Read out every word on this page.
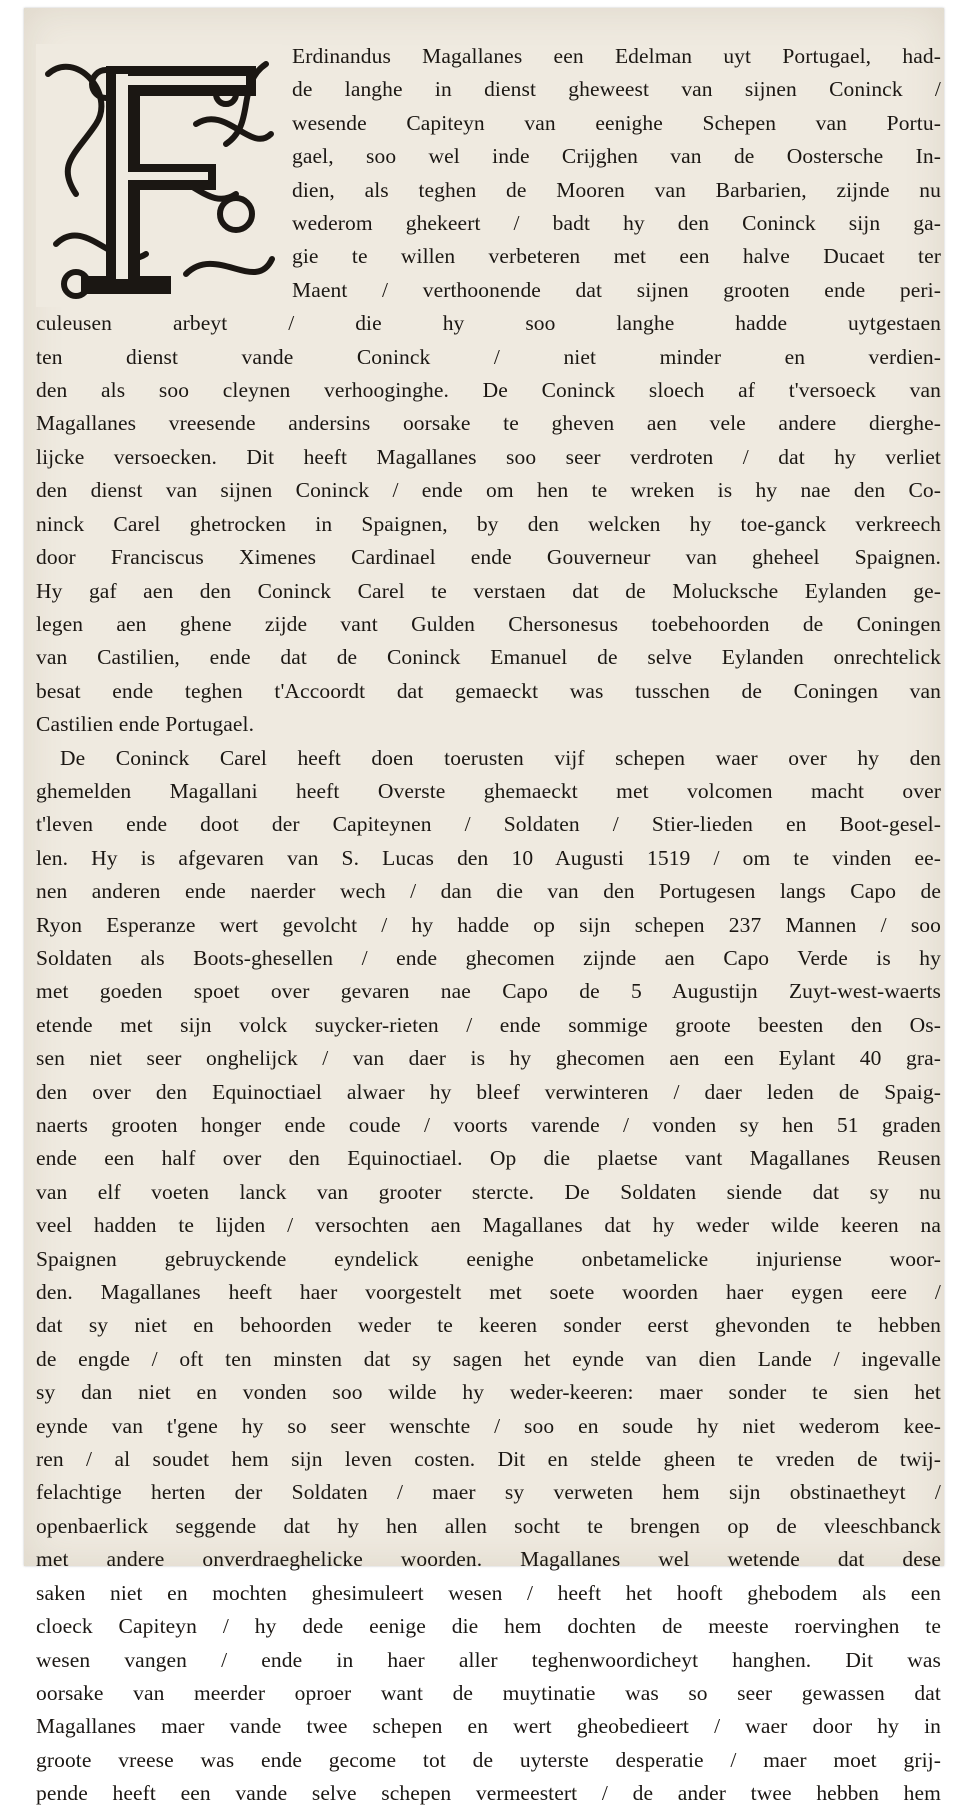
Erdinandus Magallanes een Edelman uyt Portugael, had-
de langhe in dienst gheweest van sijnen Coninck /
wesende Capiteyn van eenighe Schepen van Portu-
gael, soo wel inde Crijghen van de Oostersche In-
dien, als teghen de Mooren van Barbarien, zijnde nu
wederom ghekeert / badt hy den Coninck sijn ga-
gie te willen verbeteren met een halve Ducaet ter
Maent / verthoonende dat sijnen grooten ende peri-
culeusen arbeyt / die hy soo langhe hadde uytgestaen
ten dienst vande Coninck / niet minder en verdien-
den als soo cleynen verhooginghe. De Coninck sloech af t'versoeck van
Magallanes vreesende andersins oorsake te gheven aen vele andere dierghe-
lijcke versoecken. Dit heeft Magallanes soo seer verdroten / dat hy verliet
den dienst van sijnen Coninck / ende om hen te wreken is hy nae den Co-
ninck Carel ghetrocken in Spaignen, by den welcken hy toe-ganck verkreech
door Franciscus Ximenes Cardinael ende Gouverneur van gheheel Spaignen.
Hy gaf aen den Coninck Carel te verstaen dat de Molucksche Eylanden ge-
legen aen ghene zijde vant Gulden Chersonesus toebehoorden de Coningen
van Castilien, ende dat de Coninck Emanuel de selve Eylanden onrechtelick
besat ende teghen t'Accoordt dat gemaeckt was tusschen de Coningen van
Castilien ende Portugael.
De Coninck Carel heeft doen toerusten vijf schepen waer over hy den
ghemelden Magallani heeft Overste ghemaeckt met volcomen macht over
t'leven ende doot der Capiteynen / Soldaten / Stier-lieden en Boot-gesel-
len. Hy is afgevaren van S. Lucas den 10 Augusti 1519 / om te vinden ee-
nen anderen ende naerder wech / dan die van den Portugesen langs Capo de
Ryon Esperanze wert gevolcht / hy hadde op sijn schepen 237 Mannen / soo
Soldaten als Boots-ghesellen / ende ghecomen zijnde aen Capo Verde is hy
met goeden spoet over gevaren nae Capo de 5 Augustijn Zuyt-west-waerts
etende met sijn volck suycker-rieten / ende sommige groote beesten den Os-
sen niet seer onghelijck / van daer is hy ghecomen aen een Eylant 40 gra-
den over den Equinoctiael alwaer hy bleef verwinteren / daer leden de Spaig-
naerts grooten honger ende coude / voorts varende / vonden sy hen 51 graden
ende een half over den Equinoctiael. Op die plaetse vant Magallanes Reusen
van elf voeten lanck van grooter stercte. De Soldaten siende dat sy nu
veel hadden te lijden / versochten aen Magallanes dat hy weder wilde keeren na
Spaignen gebruyckende eyndelick eenighe onbetamelicke injuriense woor-
den. Magallanes heeft haer voorgestelt met soete woorden haer eygen eere /
dat sy niet en behoorden weder te keeren sonder eerst ghevonden te hebben
de engde / oft ten minsten dat sy sagen het eynde van dien Lande / ingevalle
sy dan niet en vonden soo wilde hy weder-keeren: maer sonder te sien het
eynde van t'gene hy so seer wenschte / soo en soude hy niet wederom kee-
ren / al soudet hem sijn leven costen. Dit en stelde gheen te vreden de twij-
felachtige herten der Soldaten / maer sy verweten hem sijn obstinaetheyt /
openbaerlick seggende dat hy hen allen socht te brengen op de vleeschbanck
met andere onverdraeghelicke woorden. Magallanes wel wetende dat dese
saken niet en mochten ghesimuleert wesen / heeft het hooft ghebodem als een
cloeck Capiteyn / hy dede eenige die hem dochten de meeste roervinghen te
wesen vangen / ende in haer aller teghenwoordicheyt hanghen. Dit was
oorsake van meerder oproer want de muytinatie was so seer gewassen dat
Magallanes maer vande twee schepen en wert gheobedieert / waer door hy in
groote vreese was ende gecome tot de uyterste desperatie / maer moet grij-
pende heeft een vande selve schepen vermeestert / de ander twee hebben hem
